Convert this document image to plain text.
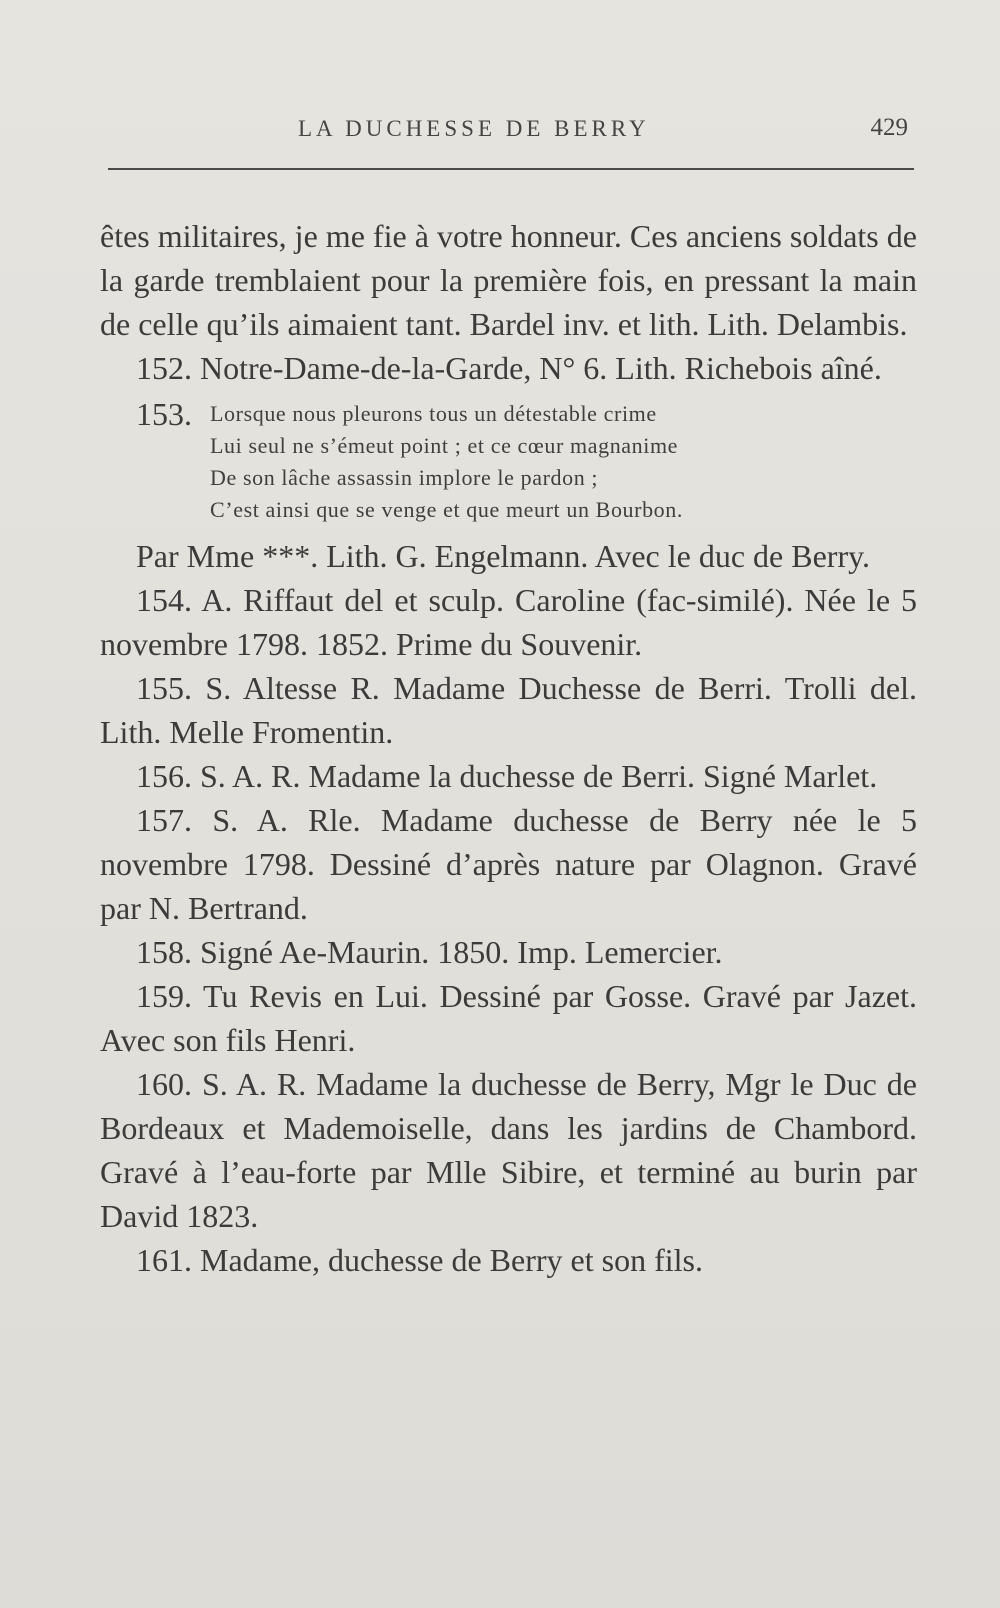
LA DUCHESSE DE BERRY	429

êtes militaires, je me fie à votre honneur. Ces anciens soldats de la garde tremblaient pour la première fois, en pressant la main de celle qu’ils aimaient tant. Bardel inv. et lith. Lith. Delambis.

152. Notre-Dame-de-la-Garde, N° 6. Lith. Richebois aîné.

153. Lorsque nous pleurons tous un détestable crime
Lui seul ne s’émeut point ; et ce cœur magnanime
De son lâche assassin implore le pardon ;
C’est ainsi que se venge et que meurt un Bourbon.

Par Mme ***. Lith. G. Engelmann. Avec le duc de Berry.

154. A. Riffaut del et sculp. Caroline (fac-similé). Née le 5 novembre 1798. 1852. Prime du Souvenir.

155. S. Altesse R. Madame Duchesse de Berri. Trolli del. Lith. Melle Fromentin.

156. S. A. R. Madame la duchesse de Berri. Signé Marlet.

157. S. A. Rle. Madame duchesse de Berry née le 5 novembre 1798. Dessiné d’après nature par Olagnon. Gravé par N. Bertrand.

158. Signé Ae-Maurin. 1850. Imp. Lemercier.

159. Tu Revis en Lui. Dessiné par Gosse. Gravé par Jazet. Avec son fils Henri.

160. S. A. R. Madame la duchesse de Berry, Mgr le Duc de Bordeaux et Mademoiselle, dans les jardins de Chambord. Gravé à l’eau-forte par Mlle Sibire, et terminé au burin par David 1823.

161. Madame, duchesse de Berry et son fils.
